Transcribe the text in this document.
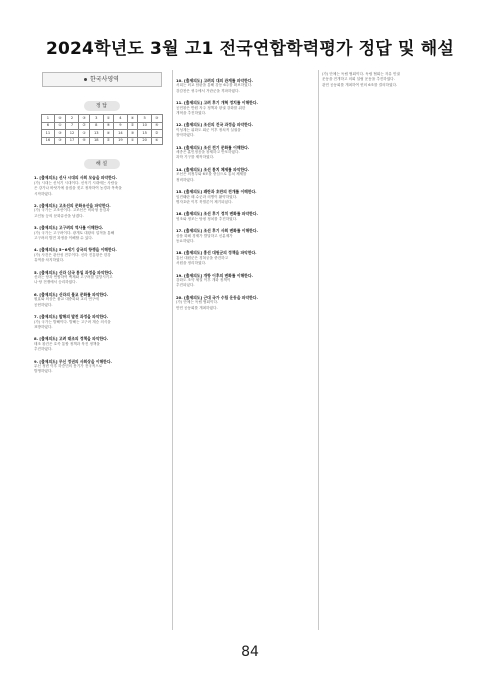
2024학년도 3월 고1 전국연합학력평가 정답 및 해설
한국사영역
정 답
1	④	2	③	3	①	4	④	5	③
6	①	7	②	8	⑤	9	②	10	⑤
11	③	12	①	13	④	14	③	15	②
16	③	17	⑤	18	②	19	①	20	④
해 설
1. [출제의도] 선사 시대의 사회 모습을 파악한다.
(가) 시대는 신석기 시대이다. 신석기 시대에는 사람들
은 강가나 바닷가에 움집을 짓고 정착하여 농경과 목축을
시작하였다.
2. [출제의도] 고조선의 문화유산을 파악한다.
(가) 국가는 고조선이다. 고조선은 비파형 동검과
고인돌 등의 문화유산을 남겼다.
3. [출제의도] 고구려의 역사를 이해한다.
(가) 국가는 고구려이다. 광개토 대왕의 업적을 통해
고구려의 발전 과정을 이해할 수 있다.
4. [출제의도] 5~6세기 삼국의 항쟁을 이해한다.
(가) 사건은 관산성 전투이다. 신라 진흥왕은 한강
유역을 차지하였다.
5. [출제의도] 신라 삼국 통일 과정을 파악한다.
신라는 당과 연합하여 백제와 고구려를 멸망시키고
나·당 전쟁에서 승리하였다.
6. [출제의도] 신라의 불교 문화를 파악한다.
원효와 의상은 불교 대중화와 교리 연구에
공헌하였다.
7. [출제의도] 발해의 발전 과정을 파악한다.
(가) 국가는 발해이다. 발해는 고구려 계승 의식을
표방하였다.
8. [출제의도] 고려 태조의 정책을 파악한다.
태조 왕건은 호족 통합 정책과 북진 정책을
추진하였다.
9. [출제의도] 무신 정권의 사회상을 이해한다.
무신 정변 이후 하층민의 봉기가 전국적으로
발생하였다.
10. [출제의도] 고려의 대외 관계를 파악한다.
서희는 외교 담판을 통해 강동 6주를 확보하였다.
강감찬은 귀주에서 거란군을 격파하였다.
11. [출제의도] 고려 후기 개혁 정치를 이해한다.
공민왕은 반원 자주 정책과 왕권 강화를 위한
개혁을 추진하였다.
12. [출제의도] 조선의 건국 과정을 파악한다.
이성계는 위화도 회군 이후 정치적 실권을
장악하였다.
13. [출제의도] 조선 전기 문화를 이해한다.
세종은 훈민정음을 창제하고 반포하였다.
과학 기구를 제작하였다.
14. [출제의도] 조선 통치 체제를 파악한다.
조선은 의정부와 6조를 중심으로 통치 체제를
정비하였다.
15. [출제의도] 왜란과 호란의 전개를 이해한다.
임진왜란 때 수군과 의병이 활약하였다.
병자호란 이후 북벌론이 제기되었다.
16. [출제의도] 조선 후기 정치 변화를 파악한다.
영조와 정조는 탕평 정치를 추진하였다.
17. [출제의도] 조선 후기 사회 변화를 이해한다.
상품 화폐 경제가 발달하고 신분제가
동요하였다.
18. [출제의도] 흥선 대원군의 정책을 파악한다.
흥선 대원군은 경복궁을 중건하고
서원을 정리하였다.
19. [출제의도] 개항 이후의 변화를 이해한다.
강화도 조약 체결 이후 개화 정책이
추진되었다.
20. [출제의도] 근대 국가 수립 운동을 파악한다.
(가) 단체는 독립 협회이다.
만민 공동회를 개최하였다.
(가) 단체는 독립 협회이다. 독립 협회는 자유 민권
운동을 전개하고 의회 설립 운동을 추진하였다.
관민 공동회를 개최하여 헌의 6조를 결의하였다.
84
